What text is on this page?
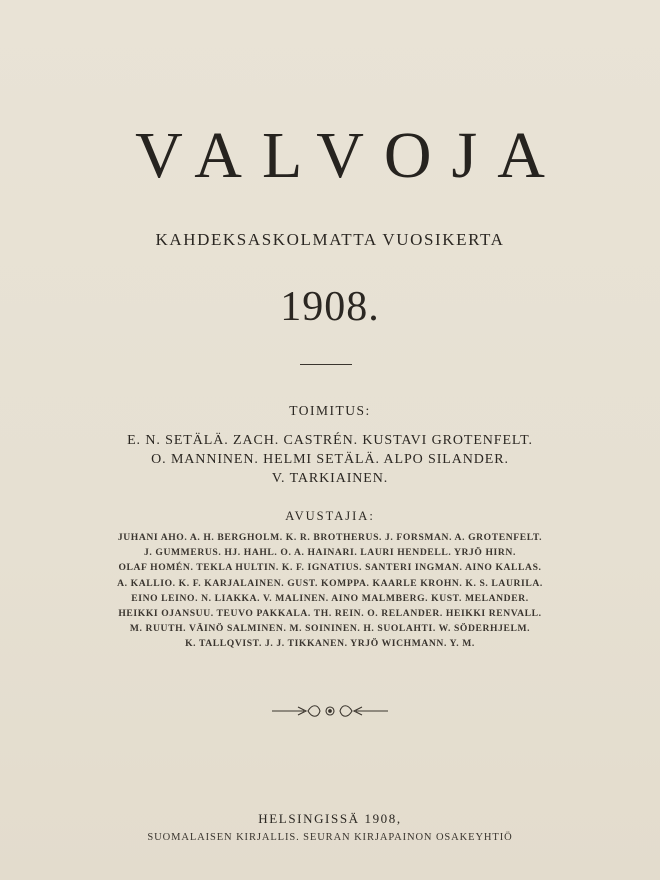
VALVOJA
KAHDEKSASKOLMATTA VUOSIKERTA
1908.
TOIMITUS:
E. N. SETÄLÄ. ZACH. CASTRÉN. KUSTAVI GROTENFELT.
O. MANNINEN. HELMI SETÄLÄ. ALPO SILANDER.
V. TARKIAINEN.
AVUSTAJIA:
JUHANI AHO. A. H. BERGHOLM. K. R. BROTHERUS. J. FORSMAN. A. GROTENFELT.
J. GUMMERUS. HJ. HAHL. O. A. HAINARI. LAURI HENDELL. YRJÖ HIRN.
OLAF HOMÉN. TEKLA HULTIN. K. F. IGNATIUS. SANTERI INGMAN. AINO KALLAS.
A. KALLIO. K. F. KARJALAINEN. GUST. KOMPPA. KAARLE KROHN. K. S. LAURILA.
EINO LEINO. N. LIAKKA. V. MALINEN. AINO MALMBERG. KUST. MELANDER.
HEIKKI OJANSUU. TEUVO PAKKALA. TH. REIN. O. RELANDER. HEIKKI RENVALL.
M. RUUTH. VÄINÖ SALMINEN. M. SOININEN. H. SUOLAHTI. W. SÖDERHJELM.
K. TALLQVIST. J. J. TIKKANEN. YRJÖ WICHMANN. Y. M.
HELSINGISSÄ 1908,
SUOMALAISEN KIRJALLIS. SEURAN KIRJAPAINON OSAKEYHTIÖ
